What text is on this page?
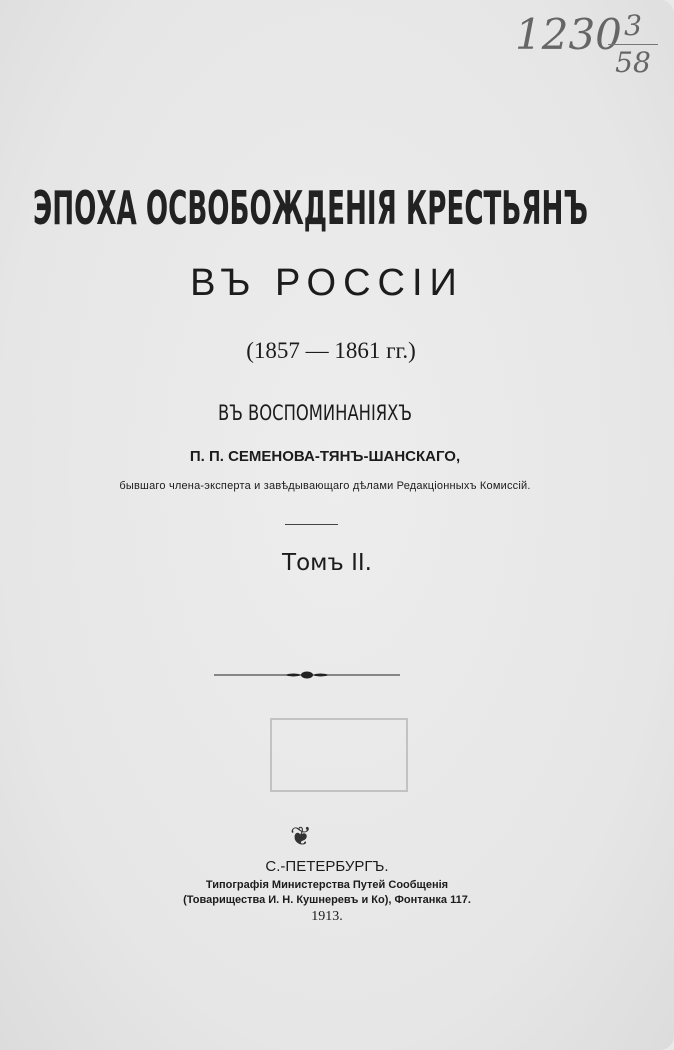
1230
$\frac{3}{58}$
ЭПОХА ОСВОБОЖДЕНІЯ КРЕСТЬЯНЪ
ВЪ РОССІИ
(1857 — 1861 гг.)
ВЪ ВОСПОМИНАНІЯХЪ
П. П. СЕМЕНОВА-ТЯНЪ-ШАНСКАГО,
бывшаго члена-эксперта и завѣдывающаго дѣлами Редакціонныхъ Комиссій.
Томъ II.
❦
С.-ПЕТЕРБУРГЪ.
Типографія Министерства Путей Сообщенія
(Товарищества И. Н. Кушнеревъ и Ко), Фонтанка 117.
1913.
